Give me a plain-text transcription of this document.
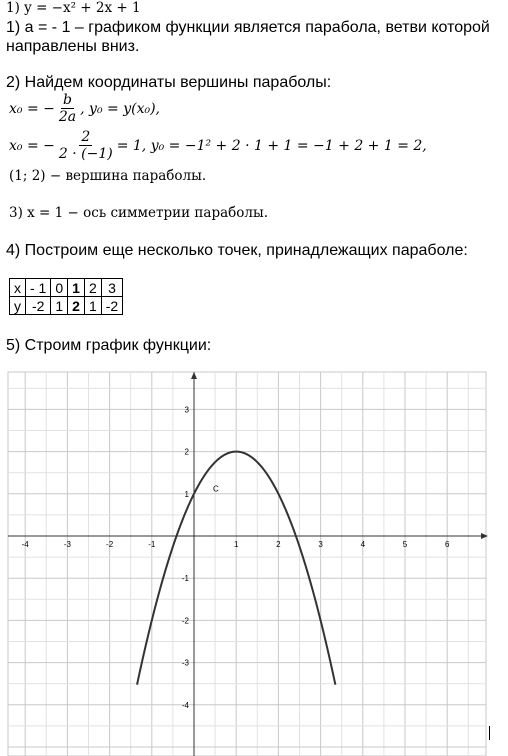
1) y = −x² + 2x + 1
1) а = - 1 – графиком функции является парабола, ветви которой
направлены вниз.
2) Найдем координаты вершины параболы:
x₀ = − $\frac{b}{2a}$ , y₀ = y(x₀),
x₀ = − $\frac{2}{2 \cdot (-1)} = 1$, y₀ = −1² + 2 · 1 + 1 = −1 + 2 + 1 = 2,
(1; 2) − вершина параболы.
3) x = 1 − ось симметрии параболы.
4) Построим еще несколько точек, принадлежащих параболе:
x	- 1	0	1	2	3
y	-2	1	2	1	-2
5) Строим график функции:
-4	-3	-2	-1	1	2	3	4	5	6
3
2
1
-1
-2
-3
-4
C
